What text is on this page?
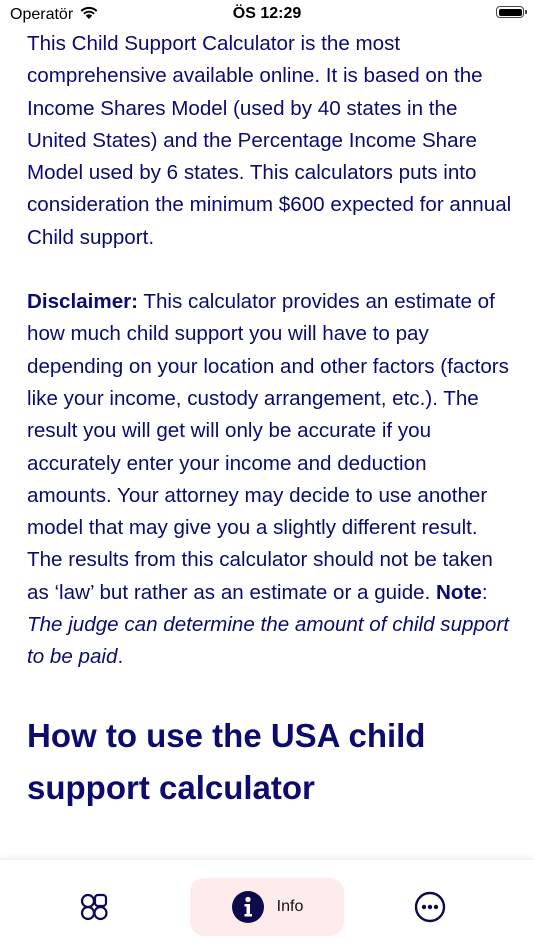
Operatör	ÖS 12:29

This Child Support Calculator is the most comprehensive available online. It is based on the Income Shares Model (used by 40 states in the United States) and the Percentage Income Share Model used by 6 states. This calculators puts into consideration the minimum $600 expected for annual Child support.

Disclaimer: This calculator provides an estimate of how much child support you will have to pay depending on your location and other factors (factors like your income, custody arrangement, etc.). The result you will get will only be accurate if you accurately enter your income and deduction amounts. Your attorney may decide to use another model that may give you a slightly different result. The results from this calculator should not be taken as ‘law’ but rather as an estimate or a guide. Note: The judge can determine the amount of child support to be paid.

How to use the USA child support calculator
Info
